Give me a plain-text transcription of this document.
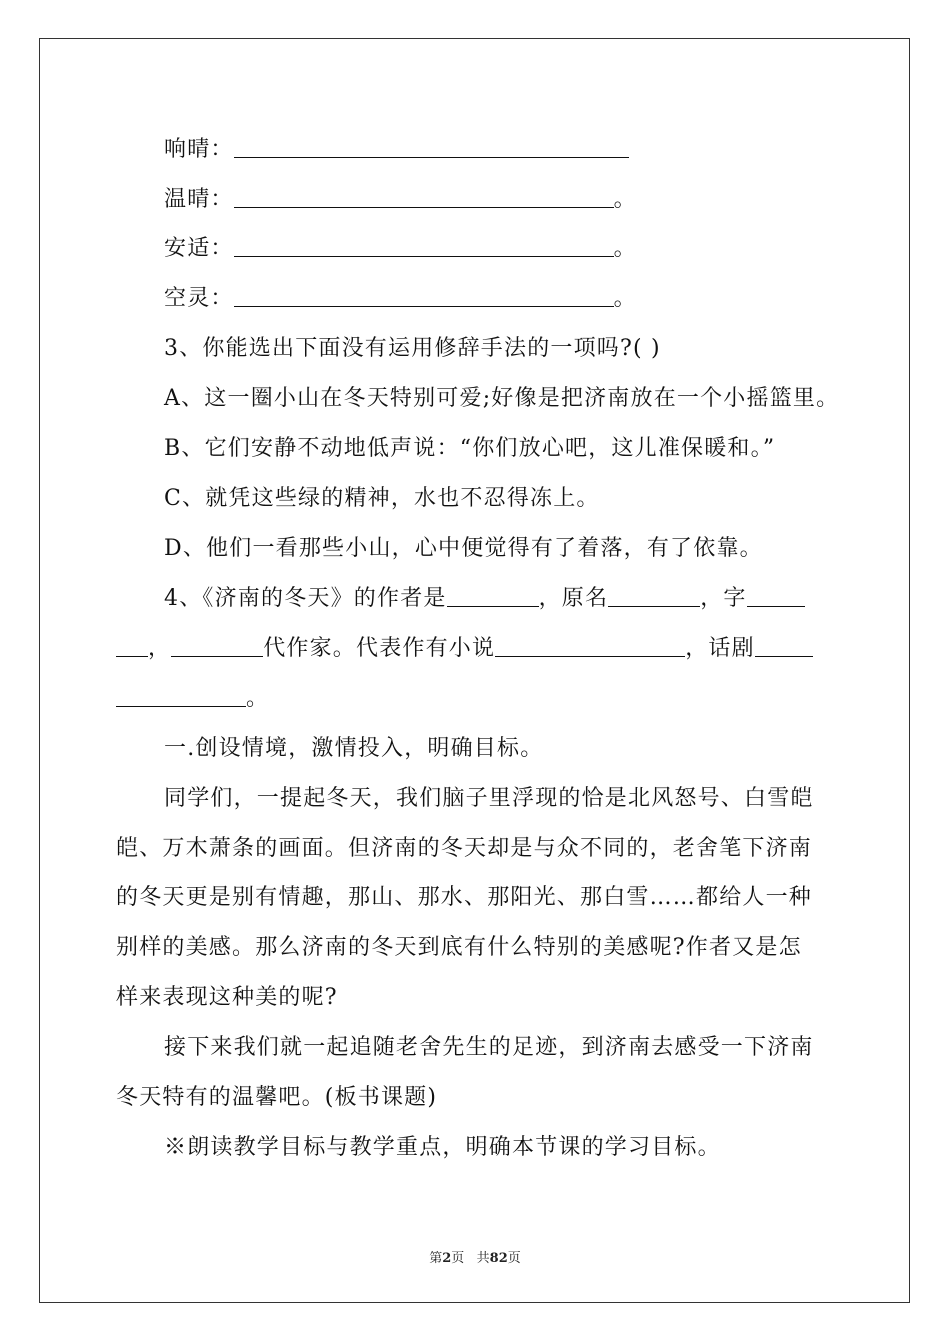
响晴：
温晴：	。
安适：	。
空灵：	。
3、你能选出下面没有运用修辞手法的一项吗?( )
A、这一圈小山在冬天特别可爱;好像是把济南放在一个小摇篮里。
B、它们安静不动地低声说：“你们放心吧，这儿准保暖和。”
C、就凭这些绿的精神，水也不忍得冻上。
D、他们一看那些小山，心中便觉得有了着落，有了依靠。
4、《济南的冬天》的作者是	，原名	，字
，	代作家。代表作有小说	，话剧
。
一.创设情境，激情投入，明确目标。
同学们，一提起冬天，我们脑子里浮现的恰是北风怒号、白雪皑
皑、万木萧条的画面。但济南的冬天却是与众不同的，老舍笔下济南
的冬天更是别有情趣，那山、那水、那阳光、那白雪……都给人一种
别样的美感。那么济南的冬天到底有什么特别的美感呢?作者又是怎
样来表现这种美的呢?
接下来我们就一起追随老舍先生的足迹，到济南去感受一下济南
冬天特有的温馨吧。(板书课题)
※朗读教学目标与教学重点，明确本节课的学习目标。
第2页   共82页
